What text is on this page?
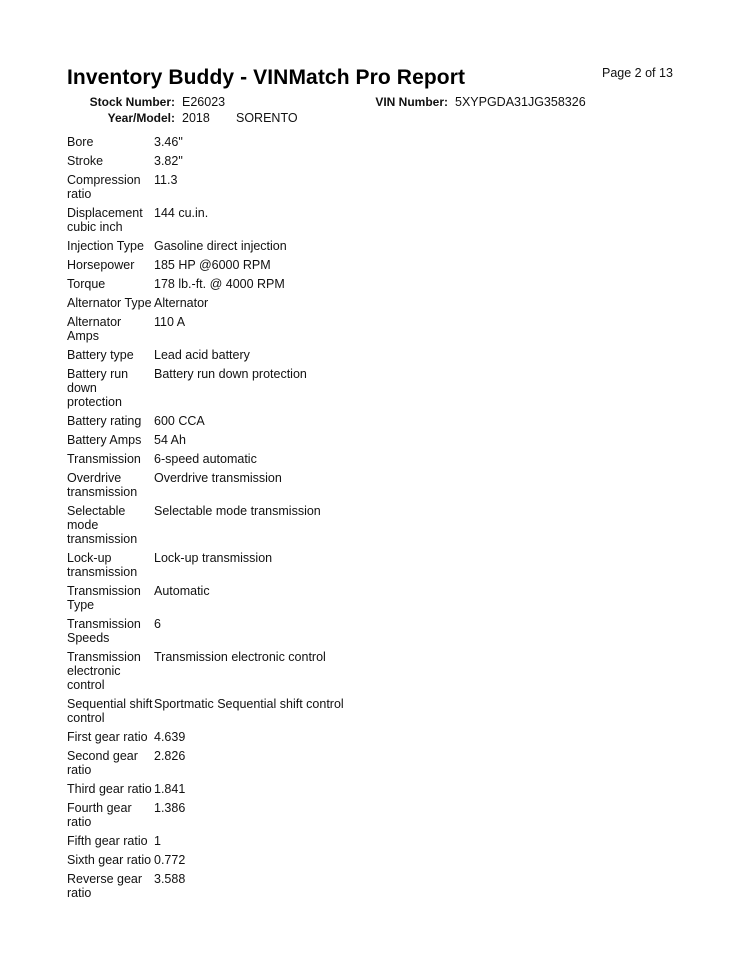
Inventory Buddy - VINMatch Pro Report	Page 2 of 13
Stock Number: E26023
Year/Model: 2018 SORENTO
VIN Number: 5XYPGDA31JG358326
Bore	3.46"
Stroke	3.82"
Compression ratio	11.3
Displacement cubic inch	144 cu.in.
Injection Type	Gasoline direct injection
Horsepower	185 HP @6000 RPM
Torque	178 lb.-ft. @ 4000 RPM
Alternator Type	Alternator
Alternator Amps	110 A
Battery type	Lead acid battery
Battery run down protection	Battery run down protection
Battery rating	600 CCA
Battery Amps	54 Ah
Transmission	6-speed automatic
Overdrive transmission	Overdrive transmission
Selectable mode transmission	Selectable mode transmission
Lock-up transmission	Lock-up transmission
Transmission Type	Automatic
Transmission Speeds	6
Transmission electronic control	Transmission electronic control
Sequential shift control	Sportmatic Sequential shift control
First gear ratio	4.639
Second gear ratio	2.826
Third gear ratio	1.841
Fourth gear ratio	1.386
Fifth gear ratio	1
Sixth gear ratio	0.772
Reverse gear ratio	3.588
